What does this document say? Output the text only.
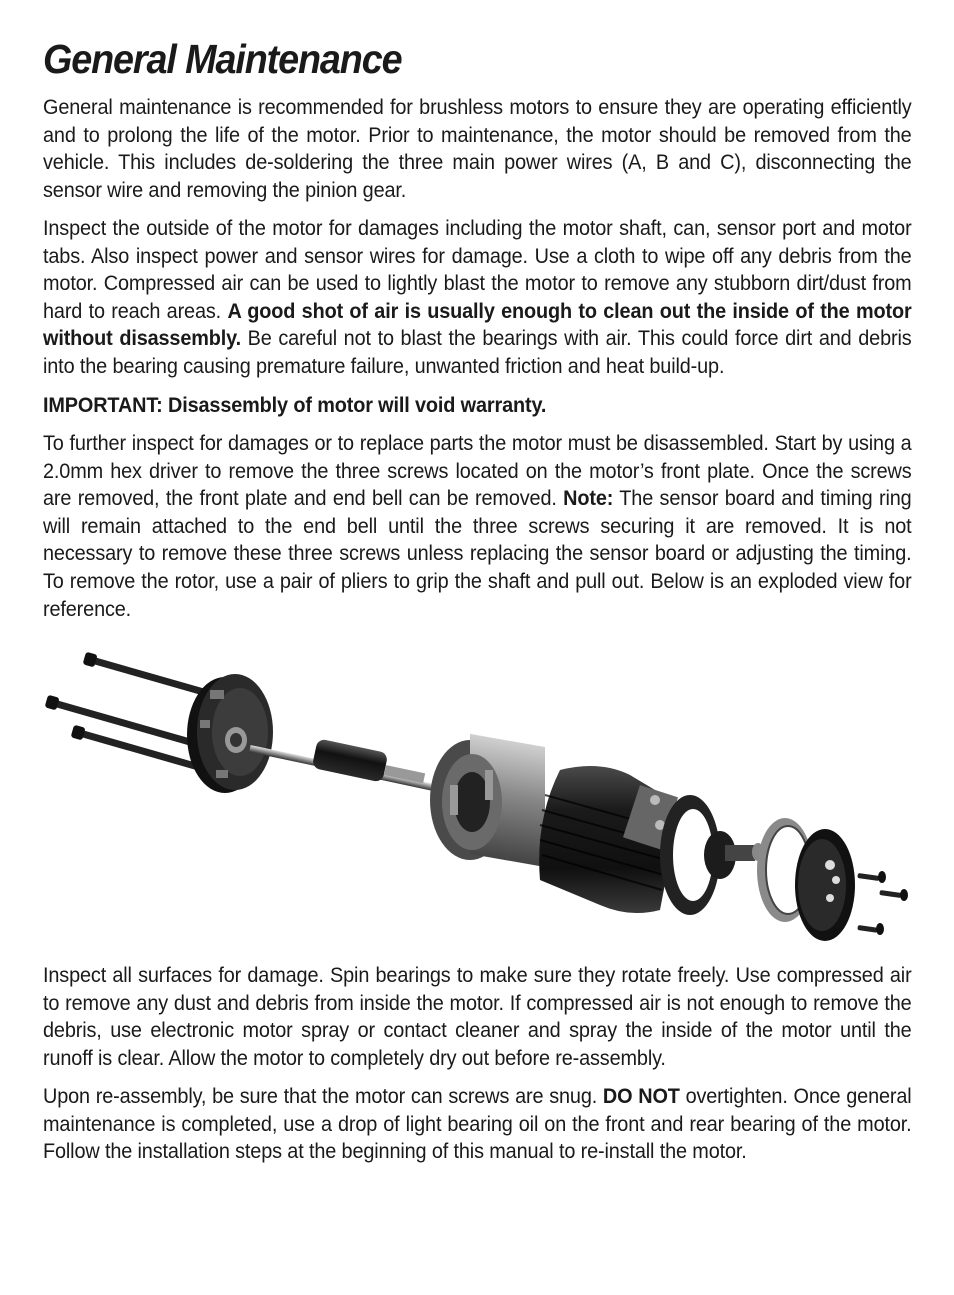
General Maintenance

General maintenance is recommended for brushless motors to ensure they are operating efficiently and to prolong the life of the motor. Prior to maintenance, the motor should be removed from the vehicle. This includes de-soldering the three main power wires (A, B and C), disconnecting the sensor wire and removing the pinion gear.

Inspect the outside of the motor for damages including the motor shaft, can, sensor port and motor tabs. Also inspect power and sensor wires for damage. Use a cloth to wipe off any debris from the motor. Compressed air can be used to lightly blast the motor to remove any stubborn dirt/dust from hard to reach areas. A good shot of air is usually enough to clean out the inside of the motor without disassembly. Be careful not to blast the bearings with air. This could force dirt and debris into the bearing causing premature failure, unwanted friction and heat build-up.

IMPORTANT: Disassembly of motor will void warranty.

To further inspect for damages or to replace parts the motor must be disassembled. Start by using a 2.0mm hex driver to remove the three screws located on the motor’s front plate. Once the screws are removed, the front plate and end bell can be removed. Note: The sensor board and timing ring will remain attached to the end bell until the three screws securing it are removed. It is not necessary to remove these three screws unless replacing the sensor board or adjusting the timing. To remove the rotor, use a pair of pliers to grip the shaft and pull out. Below is an exploded view for reference.

Inspect all surfaces for damage. Spin bearings to make sure they rotate freely. Use compressed air to remove any dust and debris from inside the motor. If compressed air is not enough to remove the debris, use electronic motor spray or contact cleaner and spray the inside of the motor until the runoff is clear. Allow the motor to completely dry out before re-assembly.

Upon re-assembly, be sure that the motor can screws are snug. DO NOT overtighten. Once general maintenance is completed, use a drop of light bearing oil on the front and rear bearing of the motor. Follow the installation steps at the beginning of this manual to re-install the motor.
